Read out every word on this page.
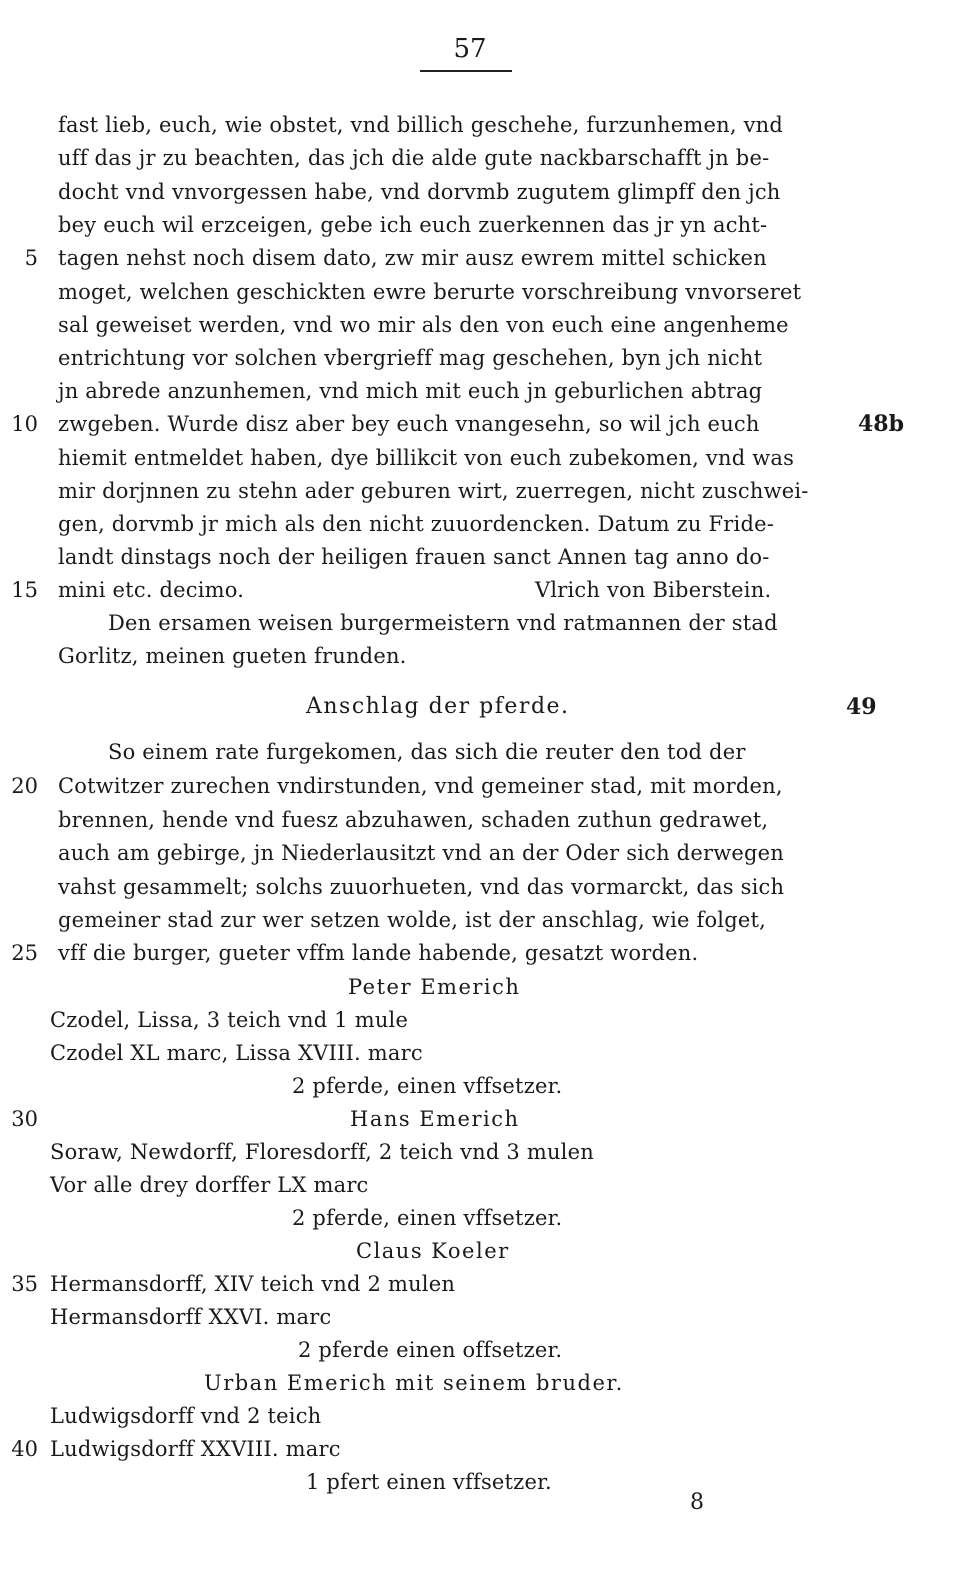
57
fast lieb, euch, wie obstet, vnd billich geschehe, furzunhemen, vnd
uff das jr zu beachten, das jch die alde gute nackbarschafft jn be-
docht vnd vnvorgessen habe, vnd dorvmb zugutem glimpff den jch
bey euch wil erzceigen, gebe ich euch zuerkennen das jr yn acht-
tagen nehst noch disem dato, zw mir ausz ewrem mittel schicken
moget, welchen geschickten ewre berurte vorschreibung vnvorseret
sal geweiset werden, vnd wo mir als den von euch eine angenheme
entrichtung vor solchen vbergrieff mag geschehen, byn jch nicht
jn abrede anzunhemen, vnd mich mit euch jn geburlichen abtrag
zwgeben. Wurde disz aber bey euch vnangesehn, so wil jch euch
hiemit entmeldet haben, dye billikcit von euch zubekomen, vnd was
mir dorjnnen zu stehn ader geburen wirt, zuerregen, nicht zuschwei-
gen, dorvmb jr mich als den nicht zuuordencken. Datum zu Fride-
landt dinstags noch der heiligen frauen sanct Annen tag anno do-
mini etc. decimo.	Vlrich von Biberstein.
Den ersamen weisen burgermeistern vnd ratmannen der stad
Gorlitz, meinen gueten frunden.
Anschlag der pferde.
So einem rate furgekomen, das sich die reuter den tod der
Cotwitzer zurechen vndirstunden, vnd gemeiner stad, mit morden,
brennen, hende vnd fuesz abzuhawen, schaden zuthun gedrawet,
auch am gebirge, jn Niederlausitzt vnd an der Oder sich derwegen
vahst gesammelt; solchs zuuorhueten, vnd das vormarckt, das sich
gemeiner stad zur wer setzen wolde, ist der anschlag, wie folget,
vff die burger, gueter vffm lande habende, gesatzt worden.
Peter Emerich
Czodel, Lissa, 3 teich vnd 1 mule
Czodel XL marc, Lissa XVIII. marc
2 pferde, einen vffsetzer.
Hans Emerich
Soraw, Newdorff, Floresdorff, 2 teich vnd 3 mulen
Vor alle drey dorffer LX marc
2 pferde, einen vffsetzer.
Claus Koeler
Hermansdorff, XIV teich vnd 2 mulen
Hermansdorff XXVI. marc
2 pferde einen offsetzer.
Urban Emerich mit seinem bruder.
Ludwigsdorff vnd 2 teich
Ludwigsdorff XXVIII. marc
1 pfert einen vffsetzer.
5
10
15
20
25
30
35
40
48b
49
8
